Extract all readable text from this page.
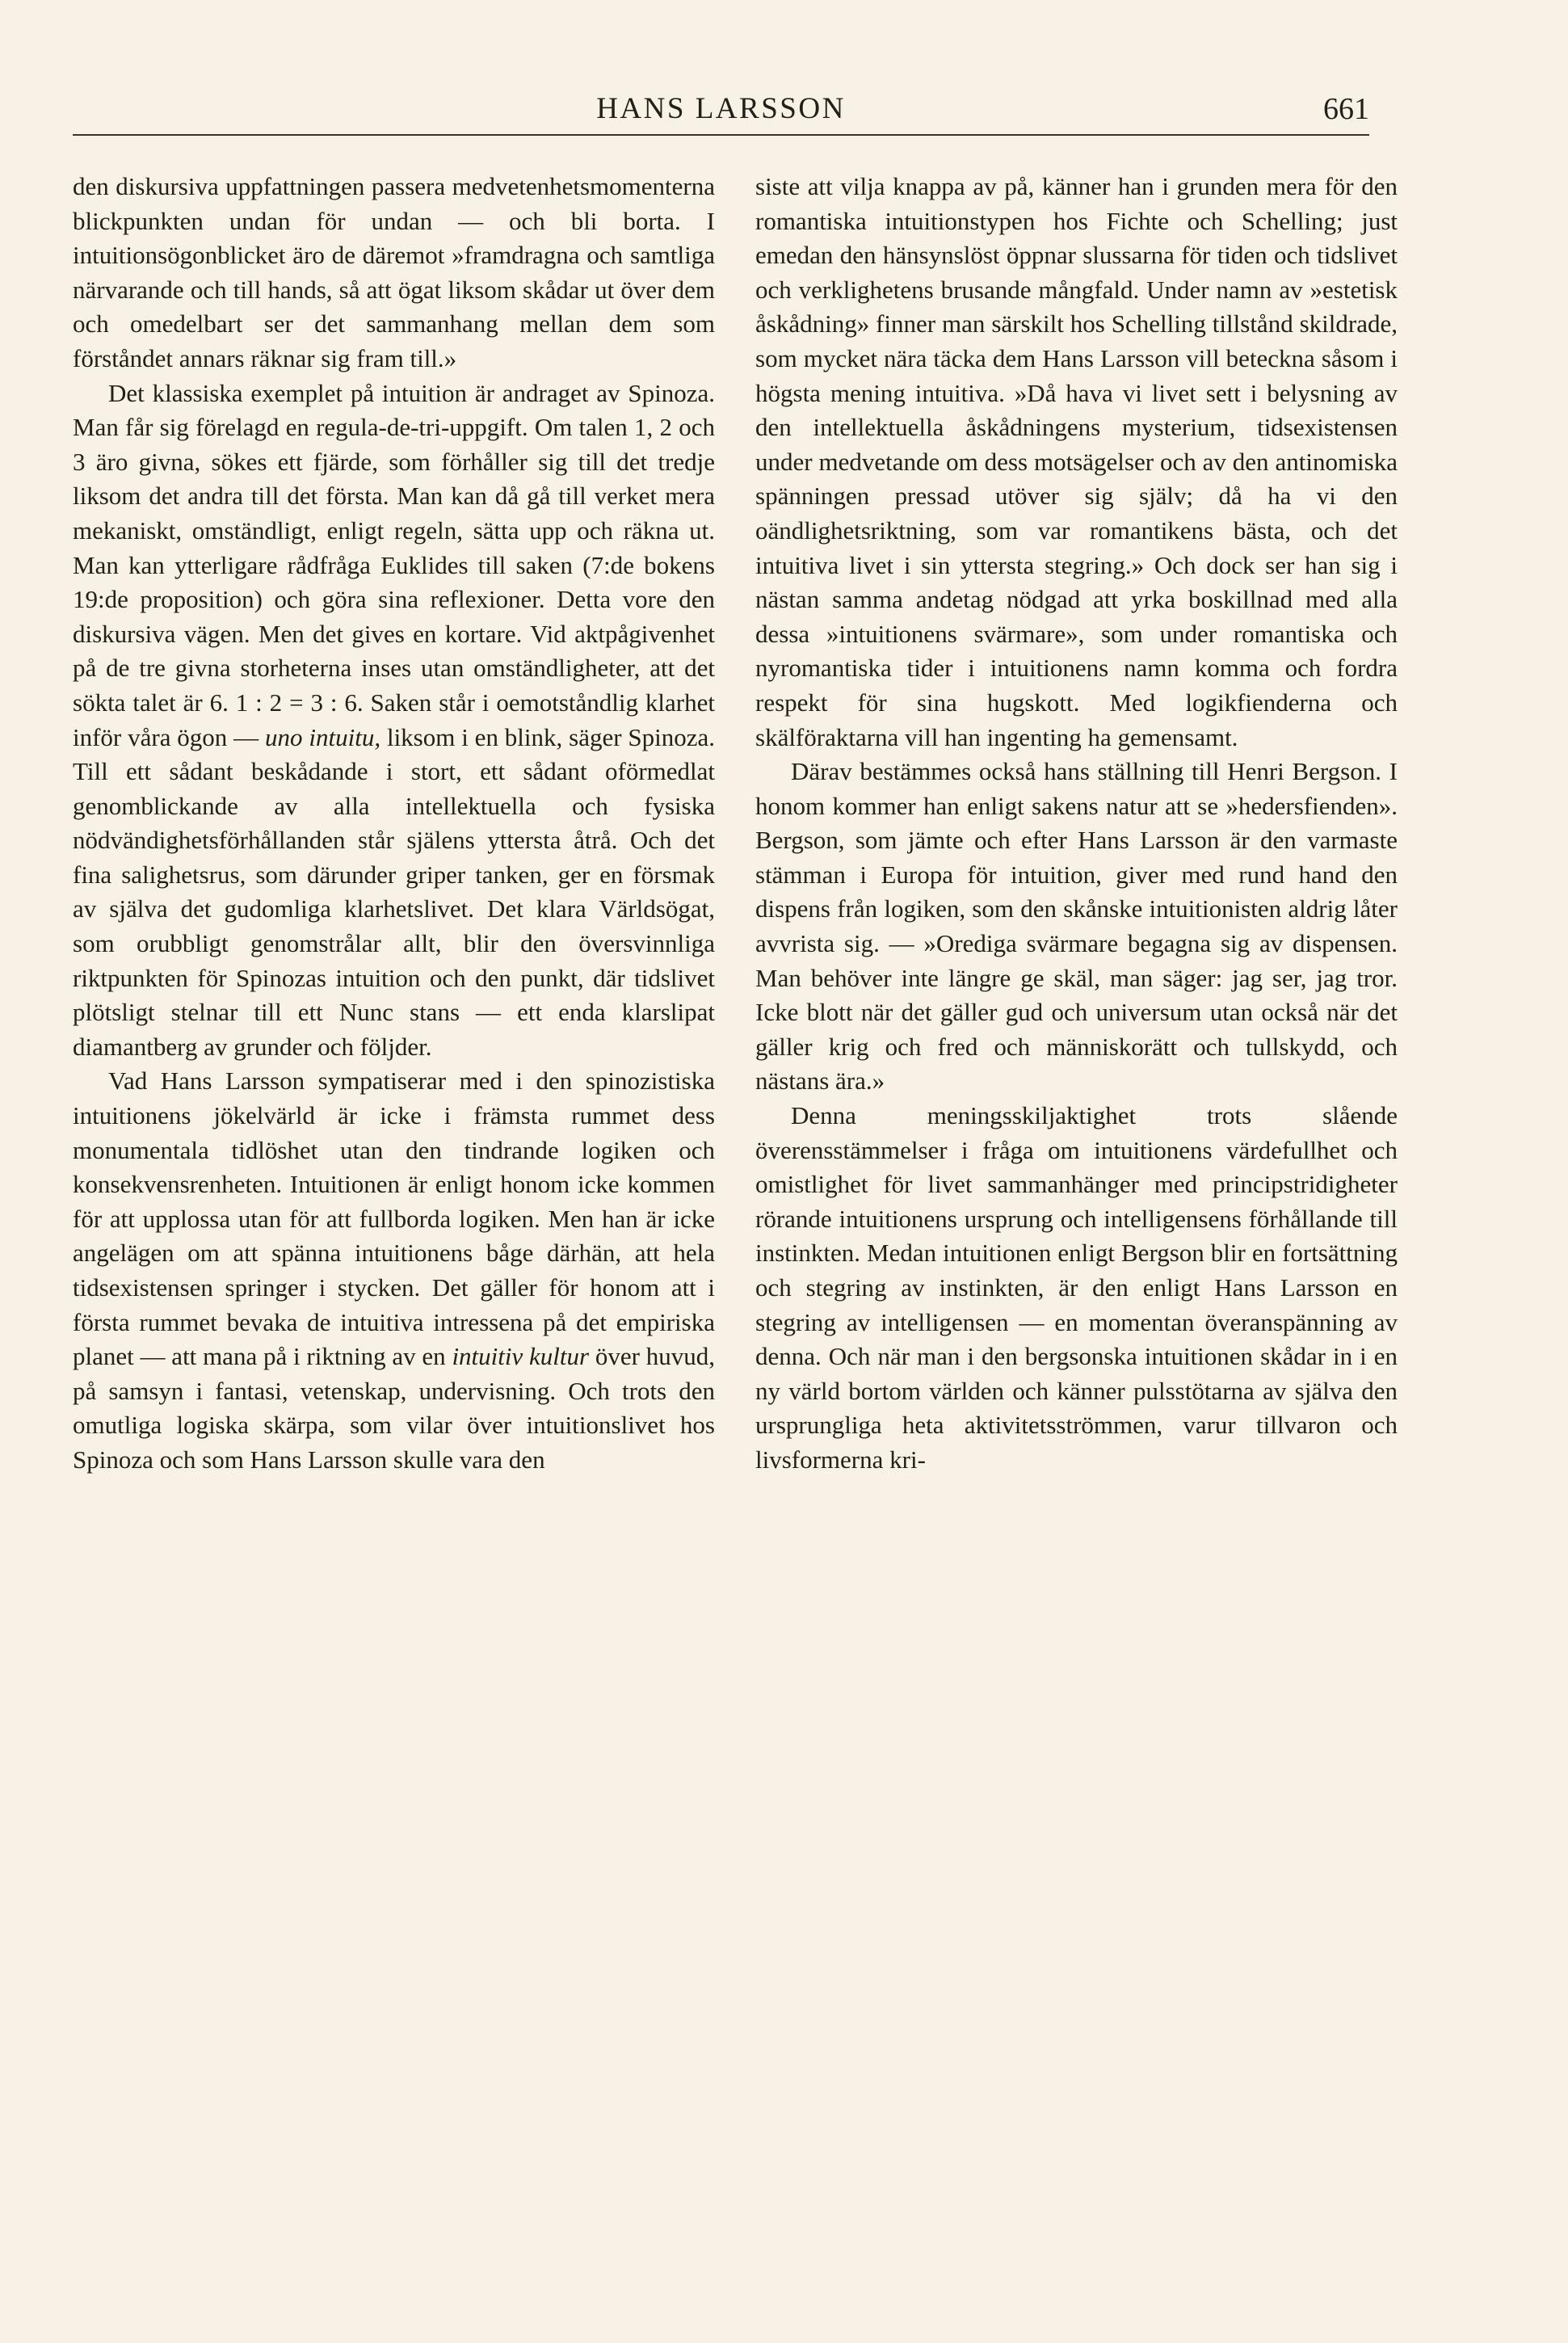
HANS LARSSON	661

den diskursiva uppfattningen passera medvetenhetsmomenterna blickpunkten undan för undan — och bli borta. I intuitionsögonblicket äro de däremot »framdragna och samtliga närvarande och till hands, så att ögat liksom skådar ut över dem och omedelbart ser det sammanhang mellan dem som förståndet annars räknar sig fram till.»

Det klassiska exemplet på intuition är andraget av Spinoza. Man får sig förelagd en regula-de-tri-uppgift. Om talen 1, 2 och 3 äro givna, sökes ett fjärde, som förhåller sig till det tredje liksom det andra till det första. Man kan då gå till verket mera mekaniskt, omständligt, enligt regeln, sätta upp och räkna ut. Man kan ytterligare rådfråga Euklides till saken (7:de bokens 19:de proposition) och göra sina reflexioner. Detta vore den diskursiva vägen. Men det gives en kortare. Vid aktpågivenhet på de tre givna storheterna inses utan omständligheter, att det sökta talet är 6. 1 : 2 = 3 : 6. Saken står i oemotståndlig klarhet inför våra ögon — uno intuitu, liksom i en blink, säger Spinoza. Till ett sådant beskådande i stort, ett sådant oförmedlat genomblickande av alla intellektuella och fysiska nödvändighetsförhållanden står själens yttersta åtrå. Och det fina salighetsrus, som därunder griper tanken, ger en försmak av själva det gudomliga klarhetslivet. Det klara Världsögat, som orubbligt genomstrålar allt, blir den översvinnliga riktpunkten för Spinozas intuition och den punkt, där tidslivet plötsligt stelnar till ett Nunc stans — ett enda klarslipat diamantberg av grunder och följder.

Vad Hans Larsson sympatiserar med i den spinozistiska intuitionens jökelvärld är icke i främsta rummet dess monumentala tidlöshet utan den tindrande logiken och konsekvensrenheten. Intuitionen är enligt honom icke kommen för att upplossa utan för att fullborda logiken. Men han är icke angelägen om att spänna intuitionens båge därhän, att hela tidsexistensen springer i stycken. Det gäller för honom att i första rummet bevaka de intuitiva intressena på det empiriska planet — att mana på i riktning av en intuitiv kultur över huvud, på samsyn i fantasi, vetenskap, undervisning. Och trots den omutliga logiska skärpa, som vilar över intuitionslivet hos Spinoza och som Hans Larsson skulle vara den

siste att vilja knappa av på, känner han i grunden mera för den romantiska intuitionstypen hos Fichte och Schelling; just emedan den hänsynslöst öppnar slussarna för tiden och tidslivet och verklighetens brusande mångfald. Under namn av »estetisk åskådning» finner man särskilt hos Schelling tillstånd skildrade, som mycket nära täcka dem Hans Larsson vill beteckna såsom i högsta mening intuitiva. »Då hava vi livet sett i belysning av den intellektuella åskådningens mysterium, tidsexistensen under medvetande om dess motsägelser och av den antinomiska spänningen pressad utöver sig själv; då ha vi den oändlighetsriktning, som var romantikens bästa, och det intuitiva livet i sin yttersta stegring.» Och dock ser han sig i nästan samma andetag nödgad att yrka boskillnad med alla dessa »intuitionens svärmare», som under romantiska och nyromantiska tider i intuitionens namn komma och fordra respekt för sina hugskott. Med logikfienderna och skälföraktarna vill han ingenting ha gemensamt.

Därav bestämmes också hans ställning till Henri Bergson. I honom kommer han enligt sakens natur att se »hedersfienden». Bergson, som jämte och efter Hans Larsson är den varmaste stämman i Europa för intuition, giver med rund hand den dispens från logiken, som den skånske intuitionisten aldrig låter avvrista sig. — »Oredigа svärmare begagna sig av dispensen. Man behöver inte längre ge skäl, man säger: jag ser, jag tror. Icke blott när det gäller gud och universum utan också när det gäller krig och fred och människorätt och tullskydd, och nästans ära.»

Denna meningsskiljaktighet trots slående överensstämmelser i fråga om intuitionens värdefullhet och omistlighet för livet sammanhänger med principstridigheter rörande intuitionens ursprung och intelligensens förhållande till instinkten. Medan intuitionen enligt Bergson blir en fortsättning och stegring av instinkten, är den enligt Hans Larsson en stegring av intelligensen — en momentan överanspänning av denna. Och när man i den bergsonska intuitionen skådar in i en ny värld bortom världen och känner pulsstötarna av själva den ursprungliga heta aktivitetsströmmen, varur tillvaron och livsformerna kri-
